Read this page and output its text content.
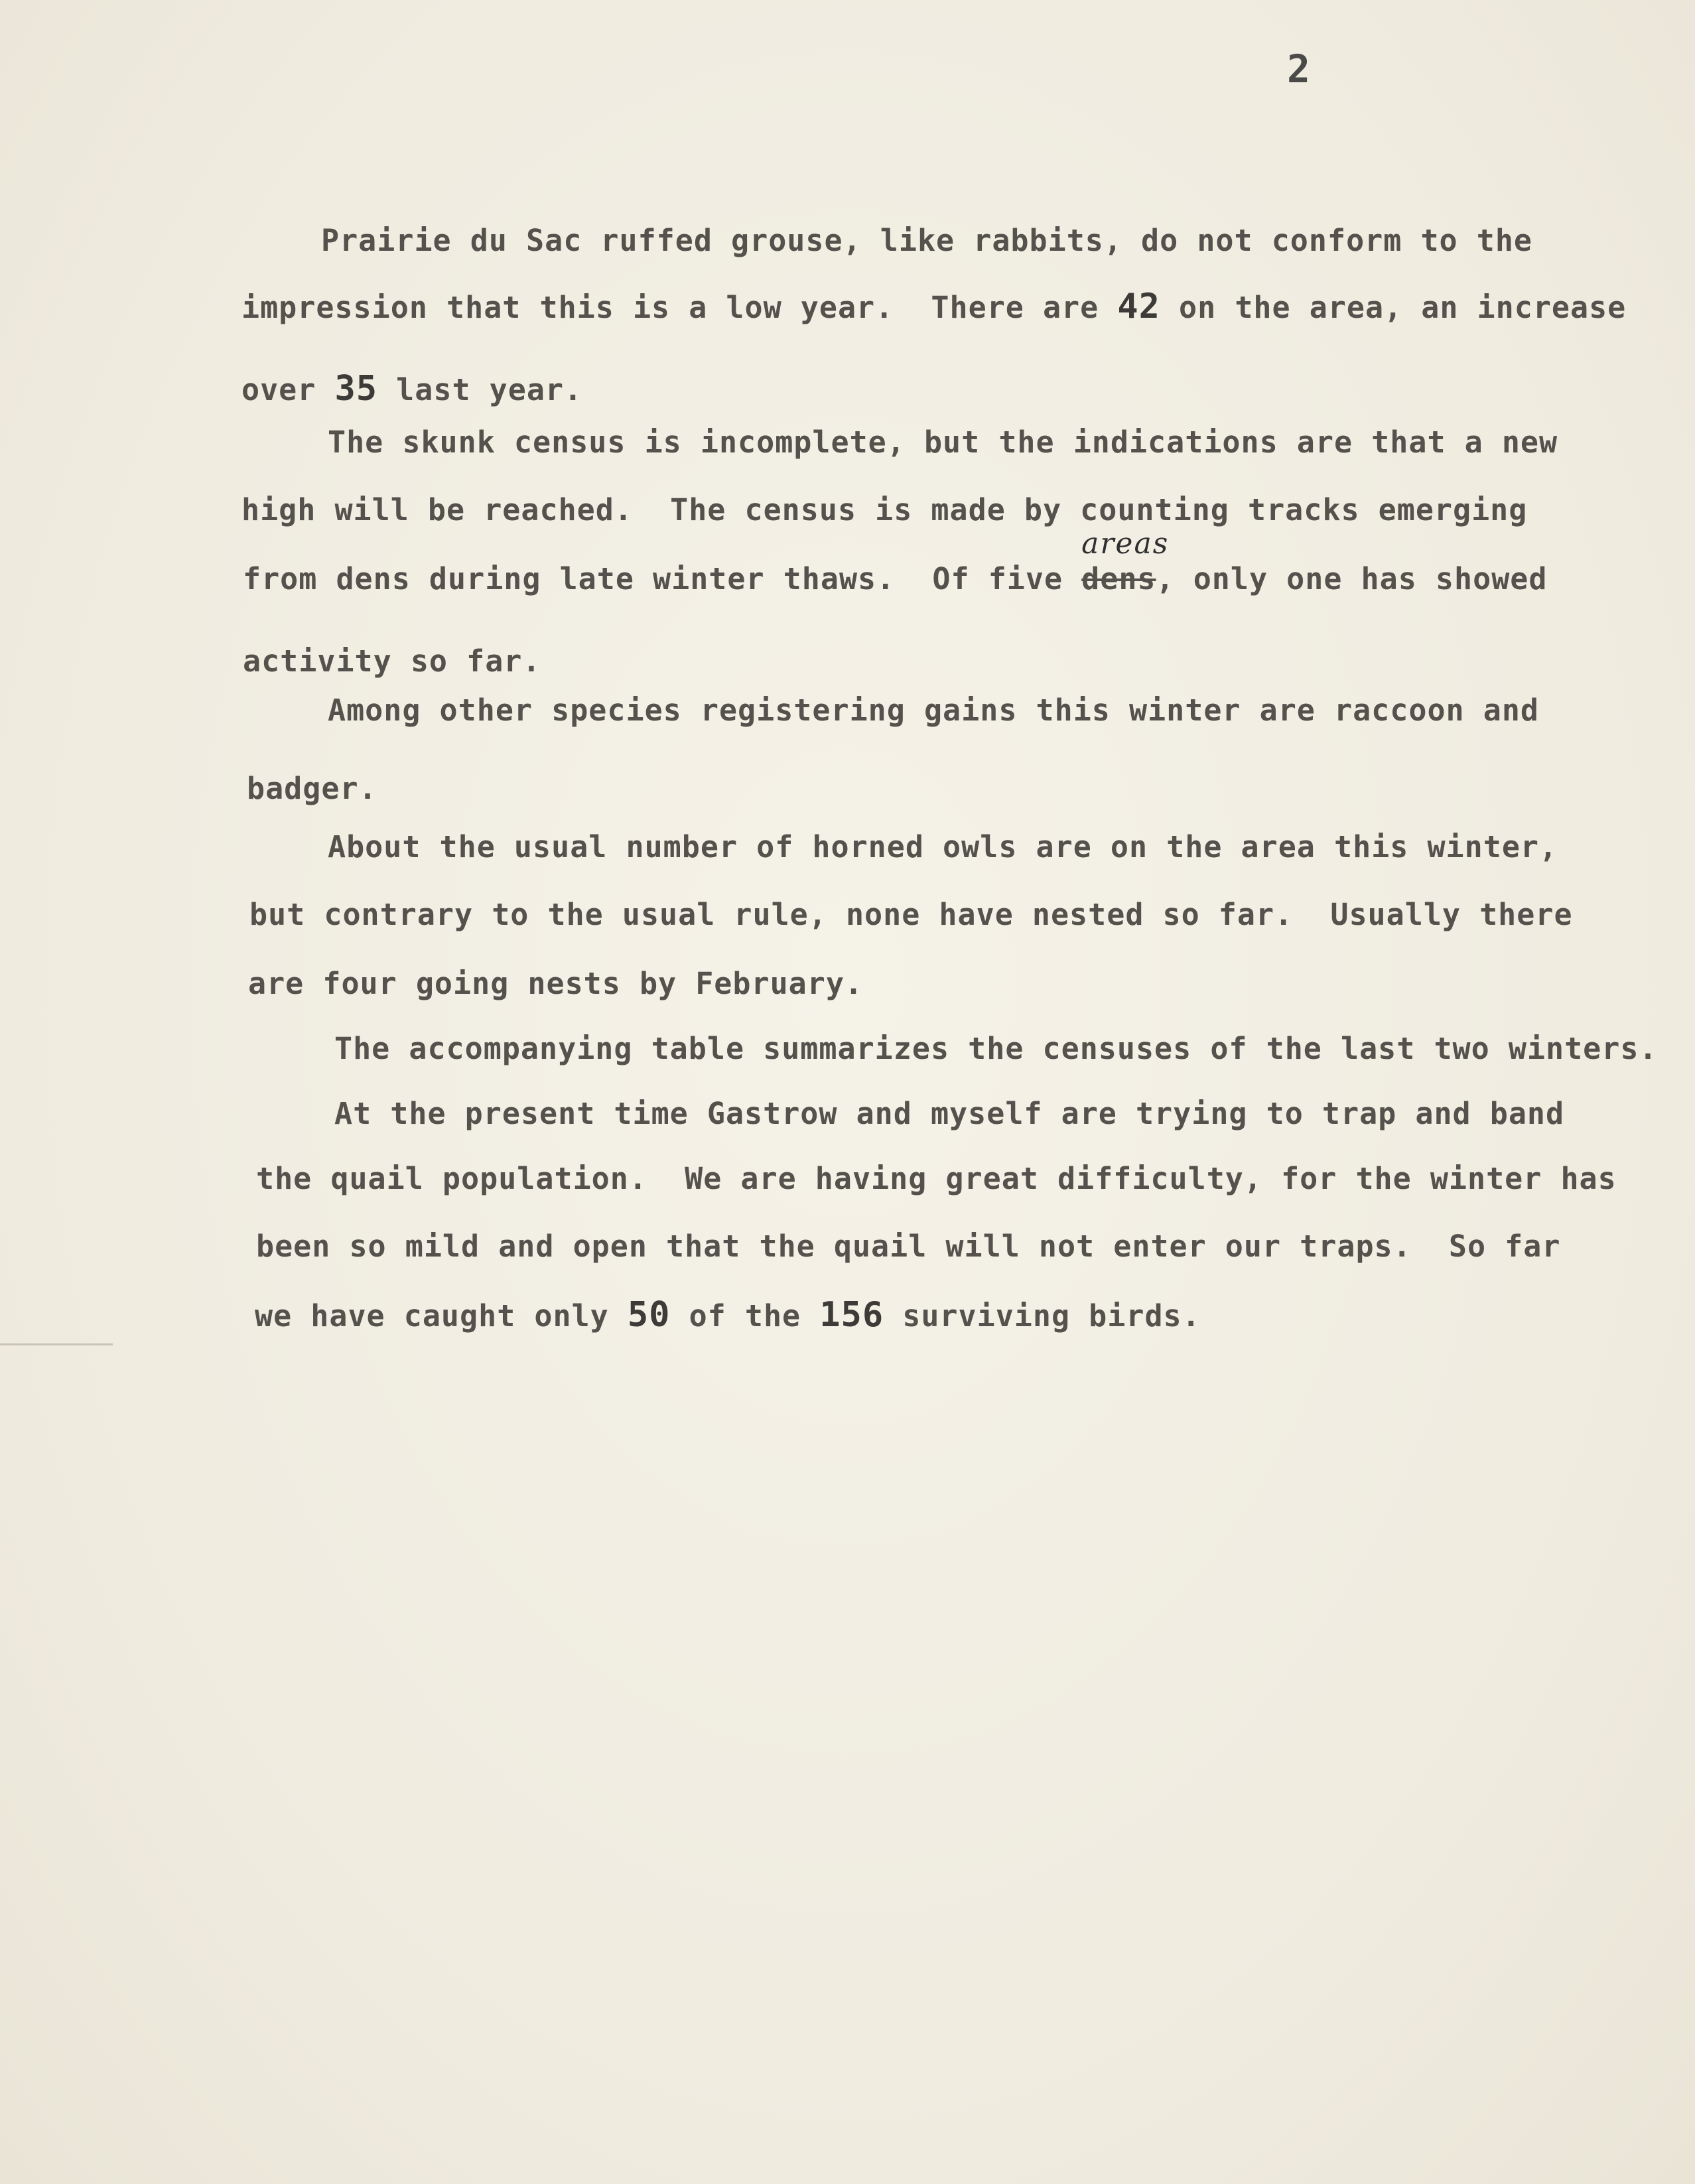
2
Prairie du Sac ruffed grouse, like rabbits, do not conform to the
impression that this is a low year.  There are 42 on the area, an increase
over 35 last year.
The skunk census is incomplete, but the indications are that a new
high will be reached.  The census is made by counting tracks emerging
from dens during late winter thaws.  Of five
areas
dens, only one has showed
activity so far.
Among other species registering gains this winter are raccoon and
badger.
About the usual number of horned owls are on the area this winter,
but contrary to the usual rule, none have nested so far.  Usually there
are four going nests by February.
The accompanying table summarizes the censuses of the last two winters.
At the present time Gastrow and myself are trying to trap and band
the quail population.  We are having great difficulty, for the winter has
been so mild and open that the quail will not enter our traps.  So far
we have caught only 50 of the 156 surviving birds.
